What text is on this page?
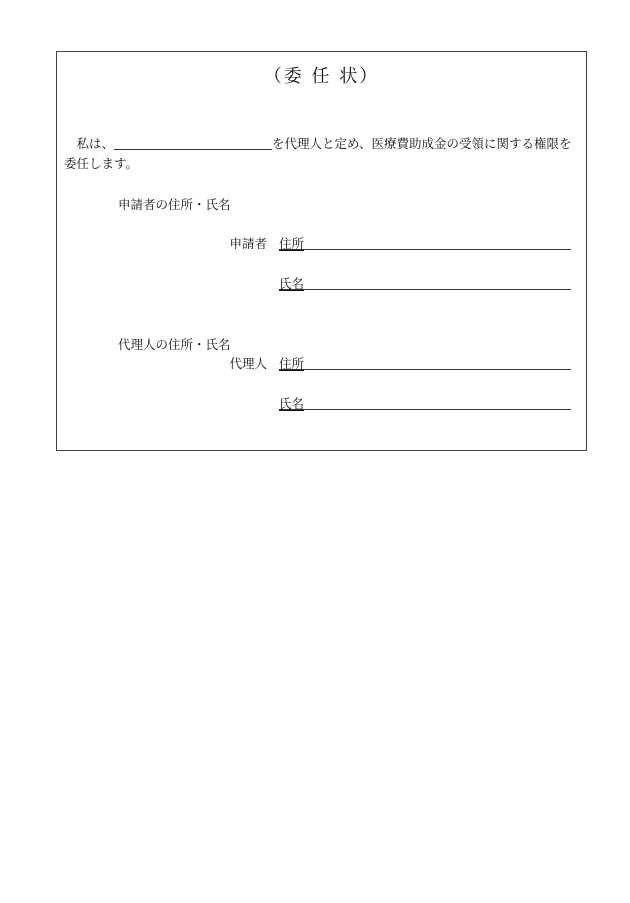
（委 任 状）
　私は、	を代理人と定め、医療費助成金の受領に関する権限を委任します。
申請者の住所・氏名
申請者 住所
氏名
代理人の住所・氏名
代理人 住所
氏名
